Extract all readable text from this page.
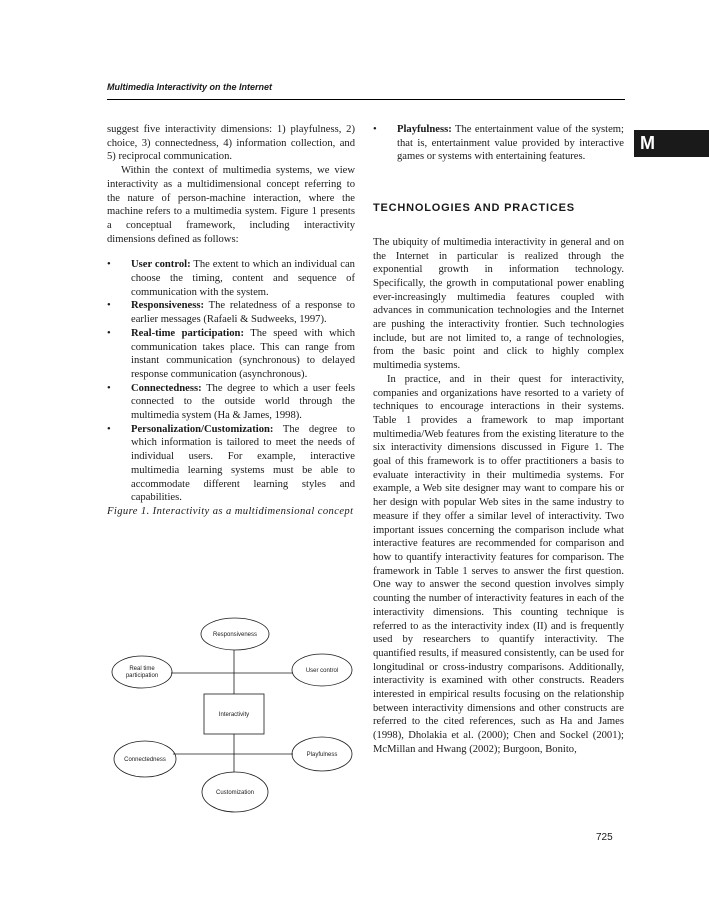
Multimedia Interactivity on the Internet
M

suggest five interactivity dimensions: 1) playfulness, 2) choice, 3) connectedness, 4) information collection, and 5) reciprocal communication.

Within the context of multimedia systems, we view interactivity as a multidimensional concept referring to the nature of person-machine interaction, where the machine refers to a multimedia system. Figure 1 presents a conceptual framework, including interactivity dimensions defined as follows:

• User control: The extent to which an individual can choose the timing, content and sequence of communication with the system.
• Responsiveness: The relatedness of a response to earlier messages (Rafaeli & Sudweeks, 1997).
• Real-time participation: The speed with which communication takes place. This can range from instant communication (synchronous) to delayed response communication (asynchronous).
• Connectedness: The degree to which a user feels connected to the outside world through the multimedia system (Ha & James, 1998).
• Personalization/Customization: The degree to which information is tailored to meet the needs of individual users. For example, interactive multimedia learning systems must be able to accommodate different learning styles and capabilities.

Figure 1. Interactivity as a multidimensional concept

Responsiveness
Real time
participation
User control
Interactivity
Connectedness
Playfulness
Customization
• Playfulness: The entertainment value of the system; that is, entertainment value provided by interactive games or systems with entertaining features.
TECHNOLOGIES AND PRACTICES

The ubiquity of multimedia interactivity in general and on the Internet in particular is realized through the exponential growth in information technology. Specifically, the growth in computational power enabling ever-increasingly multimedia features coupled with advances in communication technologies and the Internet are pushing the interactivity frontier. Such technologies include, but are not limited to, a range of technologies, from the basic point and click to highly complex multimedia systems.

In practice, and in their quest for interactivity, companies and organizations have resorted to a variety of techniques to encourage interactions in their systems. Table 1 provides a framework to map important multimedia/Web features from the existing literature to the six interactivity dimensions discussed in Figure 1. The goal of this framework is to offer practitioners a basis to evaluate interactivity in their multimedia systems. For example, a Web site designer may want to compare his or her design with popular Web sites in the same industry to measure if they offer a similar level of interactivity. Two important issues concerning the comparison include what interactive features are recommended for comparison and how to quantify interactivity features for comparison. The framework in Table 1 serves to answer the first question. One way to answer the second question involves simply counting the number of interactivity features in each of the interactivity dimensions. This counting technique is referred to as the interactivity index (II) and is frequently used by researchers to quantify interactivity. The quantified results, if measured consistently, can be used for longitudinal or cross-industry comparisons. Additionally, interactivity is examined with other constructs. Readers interested in empirical results focusing on the relationship between interactivity dimensions and other constructs are referred to the cited references, such as Ha and James (1998), Dholakia et al. (2000); Chen and Sockel (2001); McMillan and Hwang (2002); Burgoon, Bonito,

725
